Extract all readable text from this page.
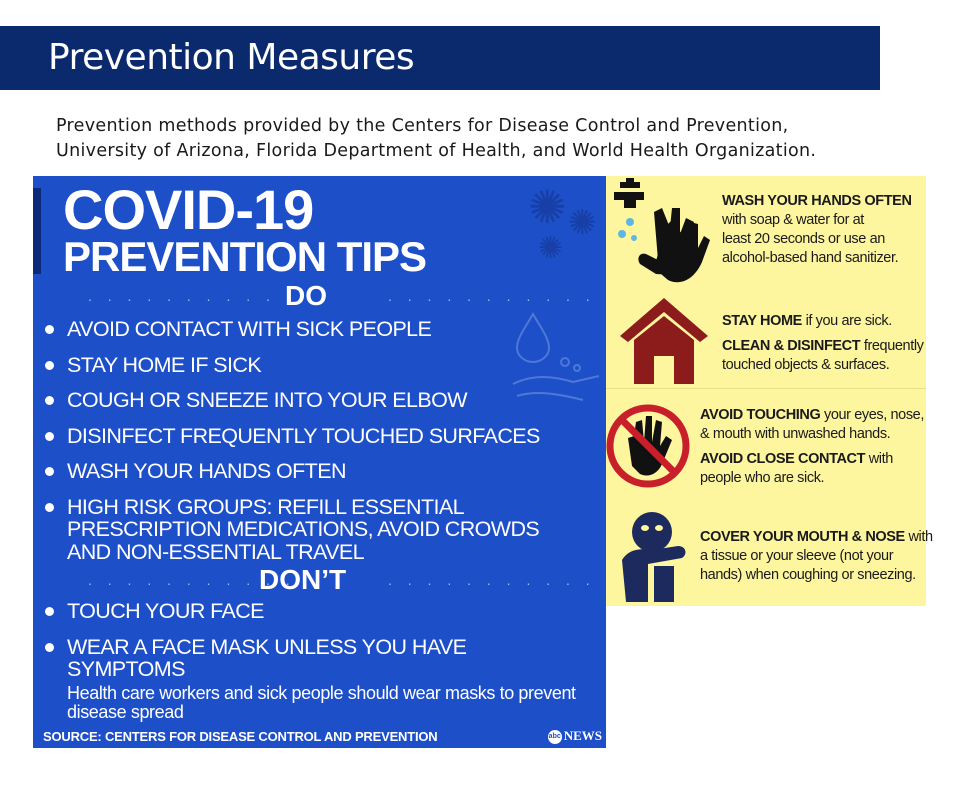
Prevention Measures
Prevention methods provided by the Centers for Disease Control and Prevention,
University of Arizona, Florida Department of Health, and World Health Organization.
✺ ✺
✺
COVID-19
PREVENTION TIPS
. . . . . . . . . . .
DO	. . . . . . . . . . .
AVOID CONTACT WITH SICK PEOPLE
STAY HOME IF SICK
COUGH OR SNEEZE INTO YOUR ELBOW
DISINFECT FREQUENTLY TOUCHED SURFACES
WASH YOUR HANDS OFTEN
HIGH RISK GROUPS: REFILL ESSENTIAL PRESCRIPTION MEDICATIONS, AVOID CROWDS AND NON-ESSENTIAL TRAVEL
. . . . . . . . . . .
DON’T	. . . . . . . . . . .
TOUCH YOUR FACE
WEAR A FACE MASK UNLESS YOU HAVE SYMPTOMS
Health care workers and sick people should wear masks to prevent disease spread
SOURCE: CENTERS FOR DISEASE CONTROL AND PREVENTION	abc NEWS
WASH YOUR HANDS OFTEN
with soap & water for at
least 20 seconds or use an
alcohol-based hand sanitizer.
STAY HOME if you are sick.
CLEAN & DISINFECT frequently
touched objects & surfaces.
AVOID TOUCHING your eyes, nose,
& mouth with unwashed hands.
AVOID CLOSE CONTACT with
people who are sick.
COVER YOUR MOUTH & NOSE with
a tissue or your sleeve (not your
hands) when coughing or sneezing.
